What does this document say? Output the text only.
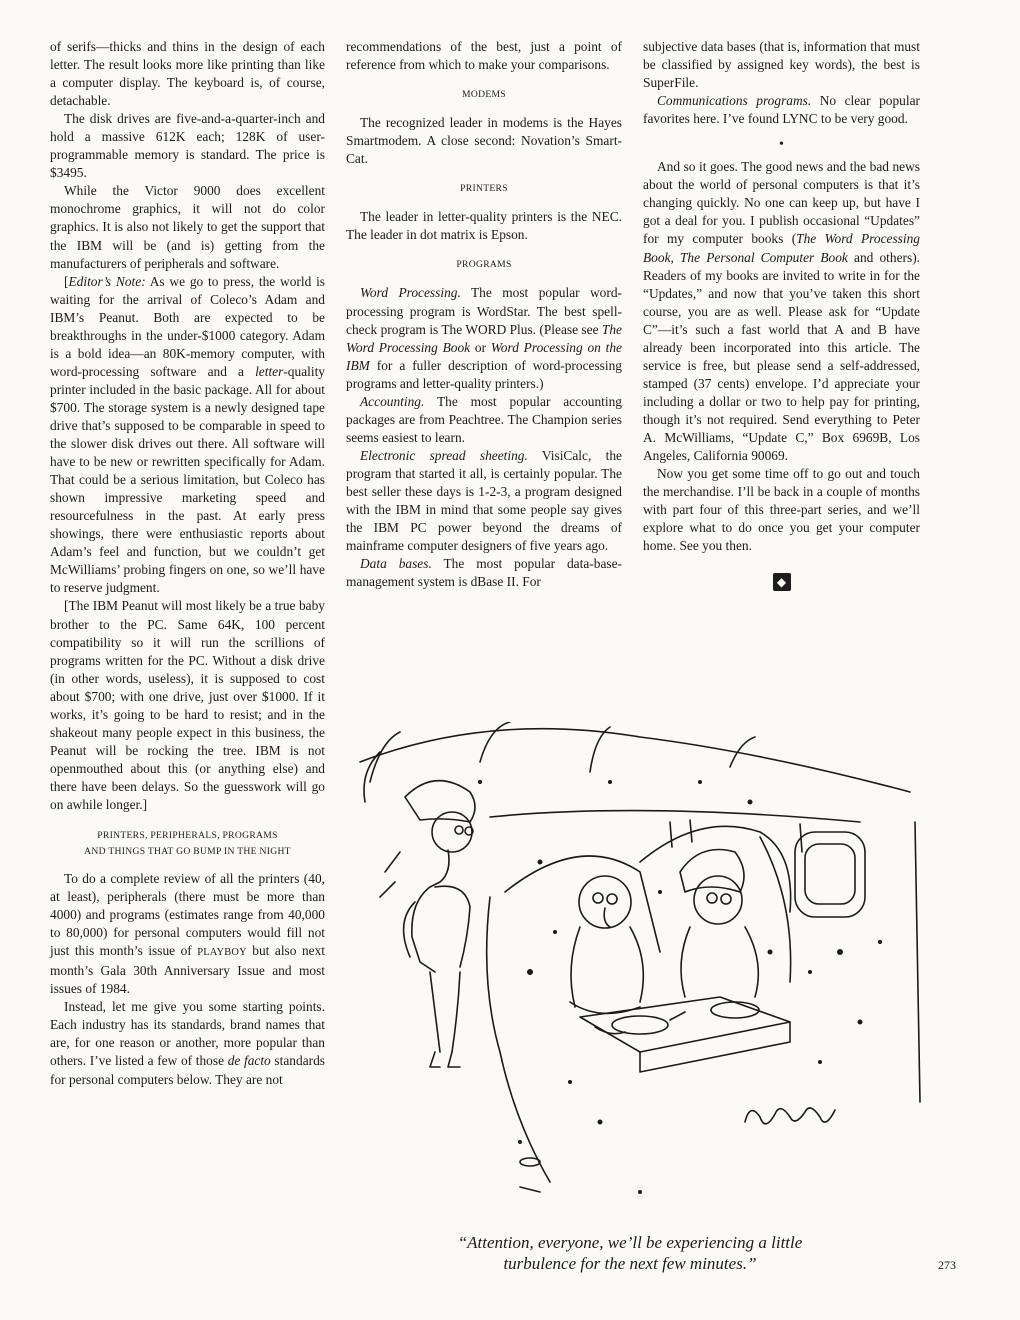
of serifs—thicks and thins in the design of each letter. The result looks more like printing than like a computer display. The keyboard is, of course, detachable.

The disk drives are five-and-a-quarter-inch and hold a massive 612K each; 128K of user-programmable memory is standard. The price is $3495.

While the Victor 9000 does excellent monochrome graphics, it will not do color graphics. It is also not likely to get the support that the IBM will be (and is) getting from the manufacturers of peripherals and software.

[Editor’s Note: As we go to press, the world is waiting for the arrival of Coleco’s Adam and IBM’s Peanut. Both are expected to be breakthroughs in the under-$1000 category. Adam is a bold idea—an 80K-memory computer, with word-processing software and a letter-quality printer included in the basic package. All for about $700. The storage system is a newly designed tape drive that’s supposed to be comparable in speed to the slower disk drives out there. All software will have to be new or rewritten specifically for Adam. That could be a serious limitation, but Coleco has shown impressive marketing speed and resourcefulness in the past. At early press showings, there were enthusiastic reports about Adam’s feel and function, but we couldn’t get McWilliams’ probing fingers on one, so we’ll have to reserve judgment.

[The IBM Peanut will most likely be a true baby brother to the PC. Same 64K, 100 percent compatibility so it will run the scrillions of programs written for the PC. Without a disk drive (in other words, useless), it is supposed to cost about $700; with one drive, just over $1000. If it works, it’s going to be hard to resist; and in the shakeout many people expect in this business, the Peanut will be rocking the tree. IBM is not openmouthed about this (or anything else) and there have been delays. So the guesswork will go on awhile longer.]

PRINTERS, PERIPHERALS, PROGRAMS
AND THINGS THAT GO BUMP IN THE NIGHT

To do a complete review of all the printers (40, at least), peripherals (there must be more than 4000) and programs (estimates range from 40,000 to 80,000) for personal computers would fill not just this month’s issue of PLAYBOY but also next month’s Gala 30th Anniversary Issue and most issues of 1984.

Instead, let me give you some starting points. Each industry has its standards, brand names that are, for one reason or another, more popular than others. I’ve listed a few of those de facto standards for personal computers below. They are not

recommendations of the best, just a point of reference from which to make your comparisons.

MODEMS

The recognized leader in modems is the Hayes Smartmodem. A close second: Novation’s Smart-Cat.

PRINTERS

The leader in letter-quality printers is the NEC. The leader in dot matrix is Epson.

PROGRAMS

Word Processing. The most popular word-processing program is WordStar. The best spell-check program is The WORD Plus. (Please see The Word Processing Book or Word Processing on the IBM for a fuller description of word-processing programs and letter-quality printers.)

Accounting. The most popular accounting packages are from Peachtree. The Champion series seems easiest to learn.

Electronic spread sheeting. VisiCalc, the program that started it all, is certainly popular. The best seller these days is 1-2-3, a program designed with the IBM in mind that some people say gives the IBM PC power beyond the dreams of mainframe computer designers of five years ago.

Data bases. The most popular data-base-management system is dBase II. For

subjective data bases (that is, information that must be classified by assigned key words), the best is SuperFile.

Communications programs. No clear popular favorites here. I’ve found LYNC to be very good.

•

And so it goes. The good news and the bad news about the world of personal computers is that it’s changing quickly. No one can keep up, but have I got a deal for you. I publish occasional “Updates” for my computer books (The Word Processing Book, The Personal Computer Book and others). Readers of my books are invited to write in for the “Updates,” and now that you’ve taken this short course, you are as well. Please ask for “Update C”—it’s such a fast world that A and B have already been incorporated into this article. The service is free, but please send a self-addressed, stamped (37 cents) envelope. I’d appreciate your including a dollar or two to help pay for printing, though it’s not required. Send everything to Peter A. McWilliams, “Update C,” Box 6969B, Los Angeles, California 90069.

Now you get some time off to go out and touch the merchandise. I’ll be back in a couple of months with part four of this three-part series, and we’ll explore what to do once you get your computer home. See you then.

◆
“Attention, everyone, we’ll be experiencing a little
turbulence for the next few minutes.”	273
